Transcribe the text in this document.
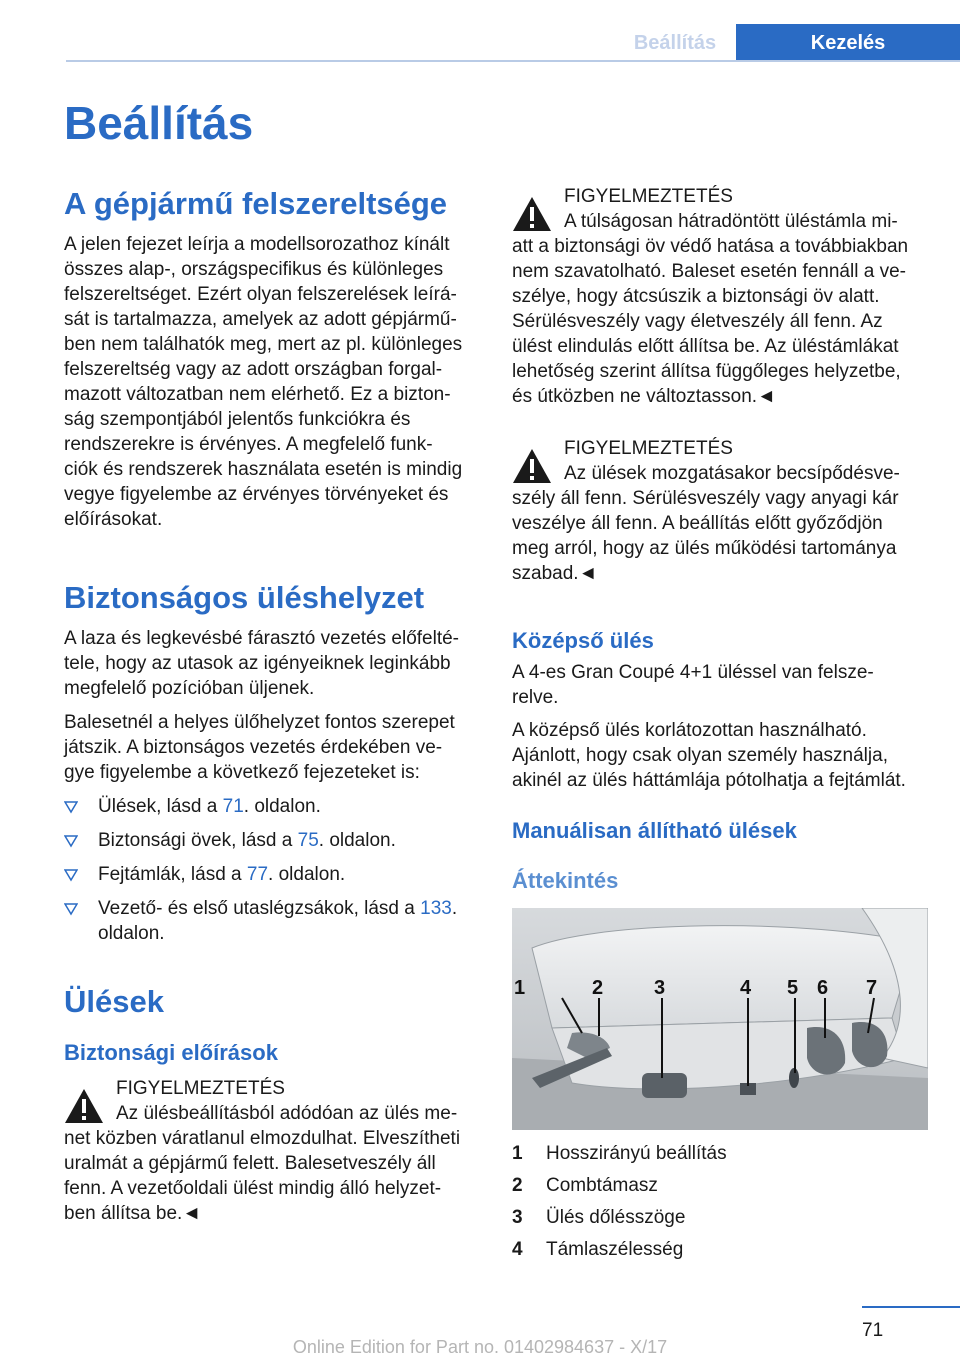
Beállítás	Kezelés
Beállítás
A gépjármű felszereltsége
A jelen fejezet leírja a modellsorozathoz kínált
összes alap-, országspecifikus és különleges
felszereltséget. Ezért olyan felszerelések leírá-
sát is tartalmazza, amelyek az adott gépjármű-
ben nem találhatók meg, mert az pl. különleges
felszereltség vagy az adott országban forgal-
mazott változatban nem elérhető. Ez a bizton-
ság szempontjából jelentős funkciókra és
rendszerekre is érvényes. A megfelelő funk-
ciók és rendszerek használata esetén is mindig
vegye figyelembe az érvényes törvényeket és
előírásokat.
Biztonságos üléshelyzet
A laza és legkevésbé fárasztó vezetés előfelté-
tele, hogy az utasok az igényeiknek leginkább
megfelelő pozícióban üljenek.
Balesetnél a helyes ülőhelyzet fontos szerepet
játszik. A biztonságos vezetés érdekében ve-
gye figyelembe a következő fejezeteket is:
Ülések, lásd a 71. oldalon.
Biztonsági övek, lásd a 75. oldalon.
Fejtámlák, lásd a 77. oldalon.
Vezető- és első utaslégzsákok, lásd a 133.
oldalon.
Ülések
Biztonsági előírások
FIGYELMEZTETÉS
Az ülésbeállításból adódóan az ülés me-
net közben váratlanul elmozdulhat. Elveszítheti
uralmát a gépjármű felett. Balesetveszély áll
fenn. A vezetőoldali ülést mindig álló helyzet-
ben állítsa be.◄
FIGYELMEZTETÉS
A túlságosan hátradöntött üléstámla mi-
att a biztonsági öv védő hatása a továbbiakban
nem szavatolható. Baleset esetén fennáll a ve-
szélye, hogy átcsúszik a biztonsági öv alatt.
Sérülésveszély vagy életveszély áll fenn. Az
ülést elindulás előtt állítsa be. Az üléstámlákat
lehetőség szerint állítsa függőleges helyzetbe,
és útközben ne változtasson.◄
FIGYELMEZTETÉS
Az ülések mozgatásakor becsípődésve-
szély áll fenn. Sérülésveszély vagy anyagi kár
veszélye áll fenn. A beállítás előtt győződjön
meg arról, hogy az ülés működési tartománya
szabad.◄
Középső ülés
A 4-es Gran Coupé 4+1 üléssel van felsze-
relve.
A középső ülés korlátozottan használható.
Ajánlott, hogy csak olyan személy használja,
akinél az ülés háttámlája pótolhatja a fejtámlát.
Manuálisan állítható ülések
Áttekintés
1	2	3	4 5 6 7
1	Hosszirányú beállítás
2	Combtámasz
3	Ülés dőlésszöge
4	Támlaszélesség
71
Online Edition for Part no. 01402984637 - X/17
